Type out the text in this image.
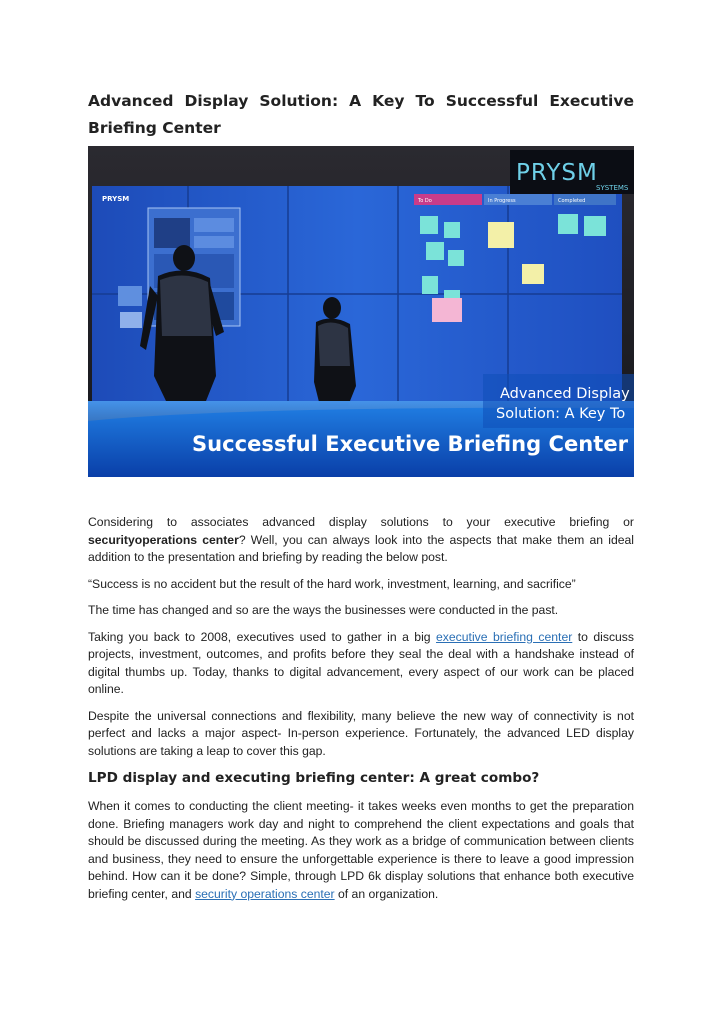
Advanced Display Solution: A Key To Successful Executive Briefing Center
PRYSM	To Do	In Progress	Completed
PRYSM
SYSTEMS
Advanced Display
Solution: A Key To
Successful Executive Briefing Center

Considering to associates advanced display solutions to your executive briefing or securityoperations center? Well, you can always look into the aspects that make them an ideal addition to the presentation and briefing by reading the below post.

“Success is no accident but the result of the hard work, investment, learning, and sacrifice”

The time has changed and so are the ways the businesses were conducted in the past.

Taking you back to 2008, executives used to gather in a big executive briefing center to discuss projects, investment, outcomes, and profits before they seal the deal with a handshake instead of digital thumbs up. Today, thanks to digital advancement, every aspect of our work can be placed online.

Despite the universal connections and flexibility, many believe the new way of connectivity is not perfect and lacks a major aspect- In-person experience. Fortunately, the advanced LED display solutions are taking a leap to cover this gap.

LPD display and executing briefing center: A great combo?

When it comes to conducting the client meeting- it takes weeks even months to get the preparation done. Briefing managers work day and night to comprehend the client expectations and goals that should be discussed during the meeting. As they work as a bridge of communication between clients and business, they need to ensure the unforgettable experience is there to leave a good impression behind. How can it be done? Simple, through LPD 6k display solutions that enhance both executive briefing center, and security operations center of an organization.
